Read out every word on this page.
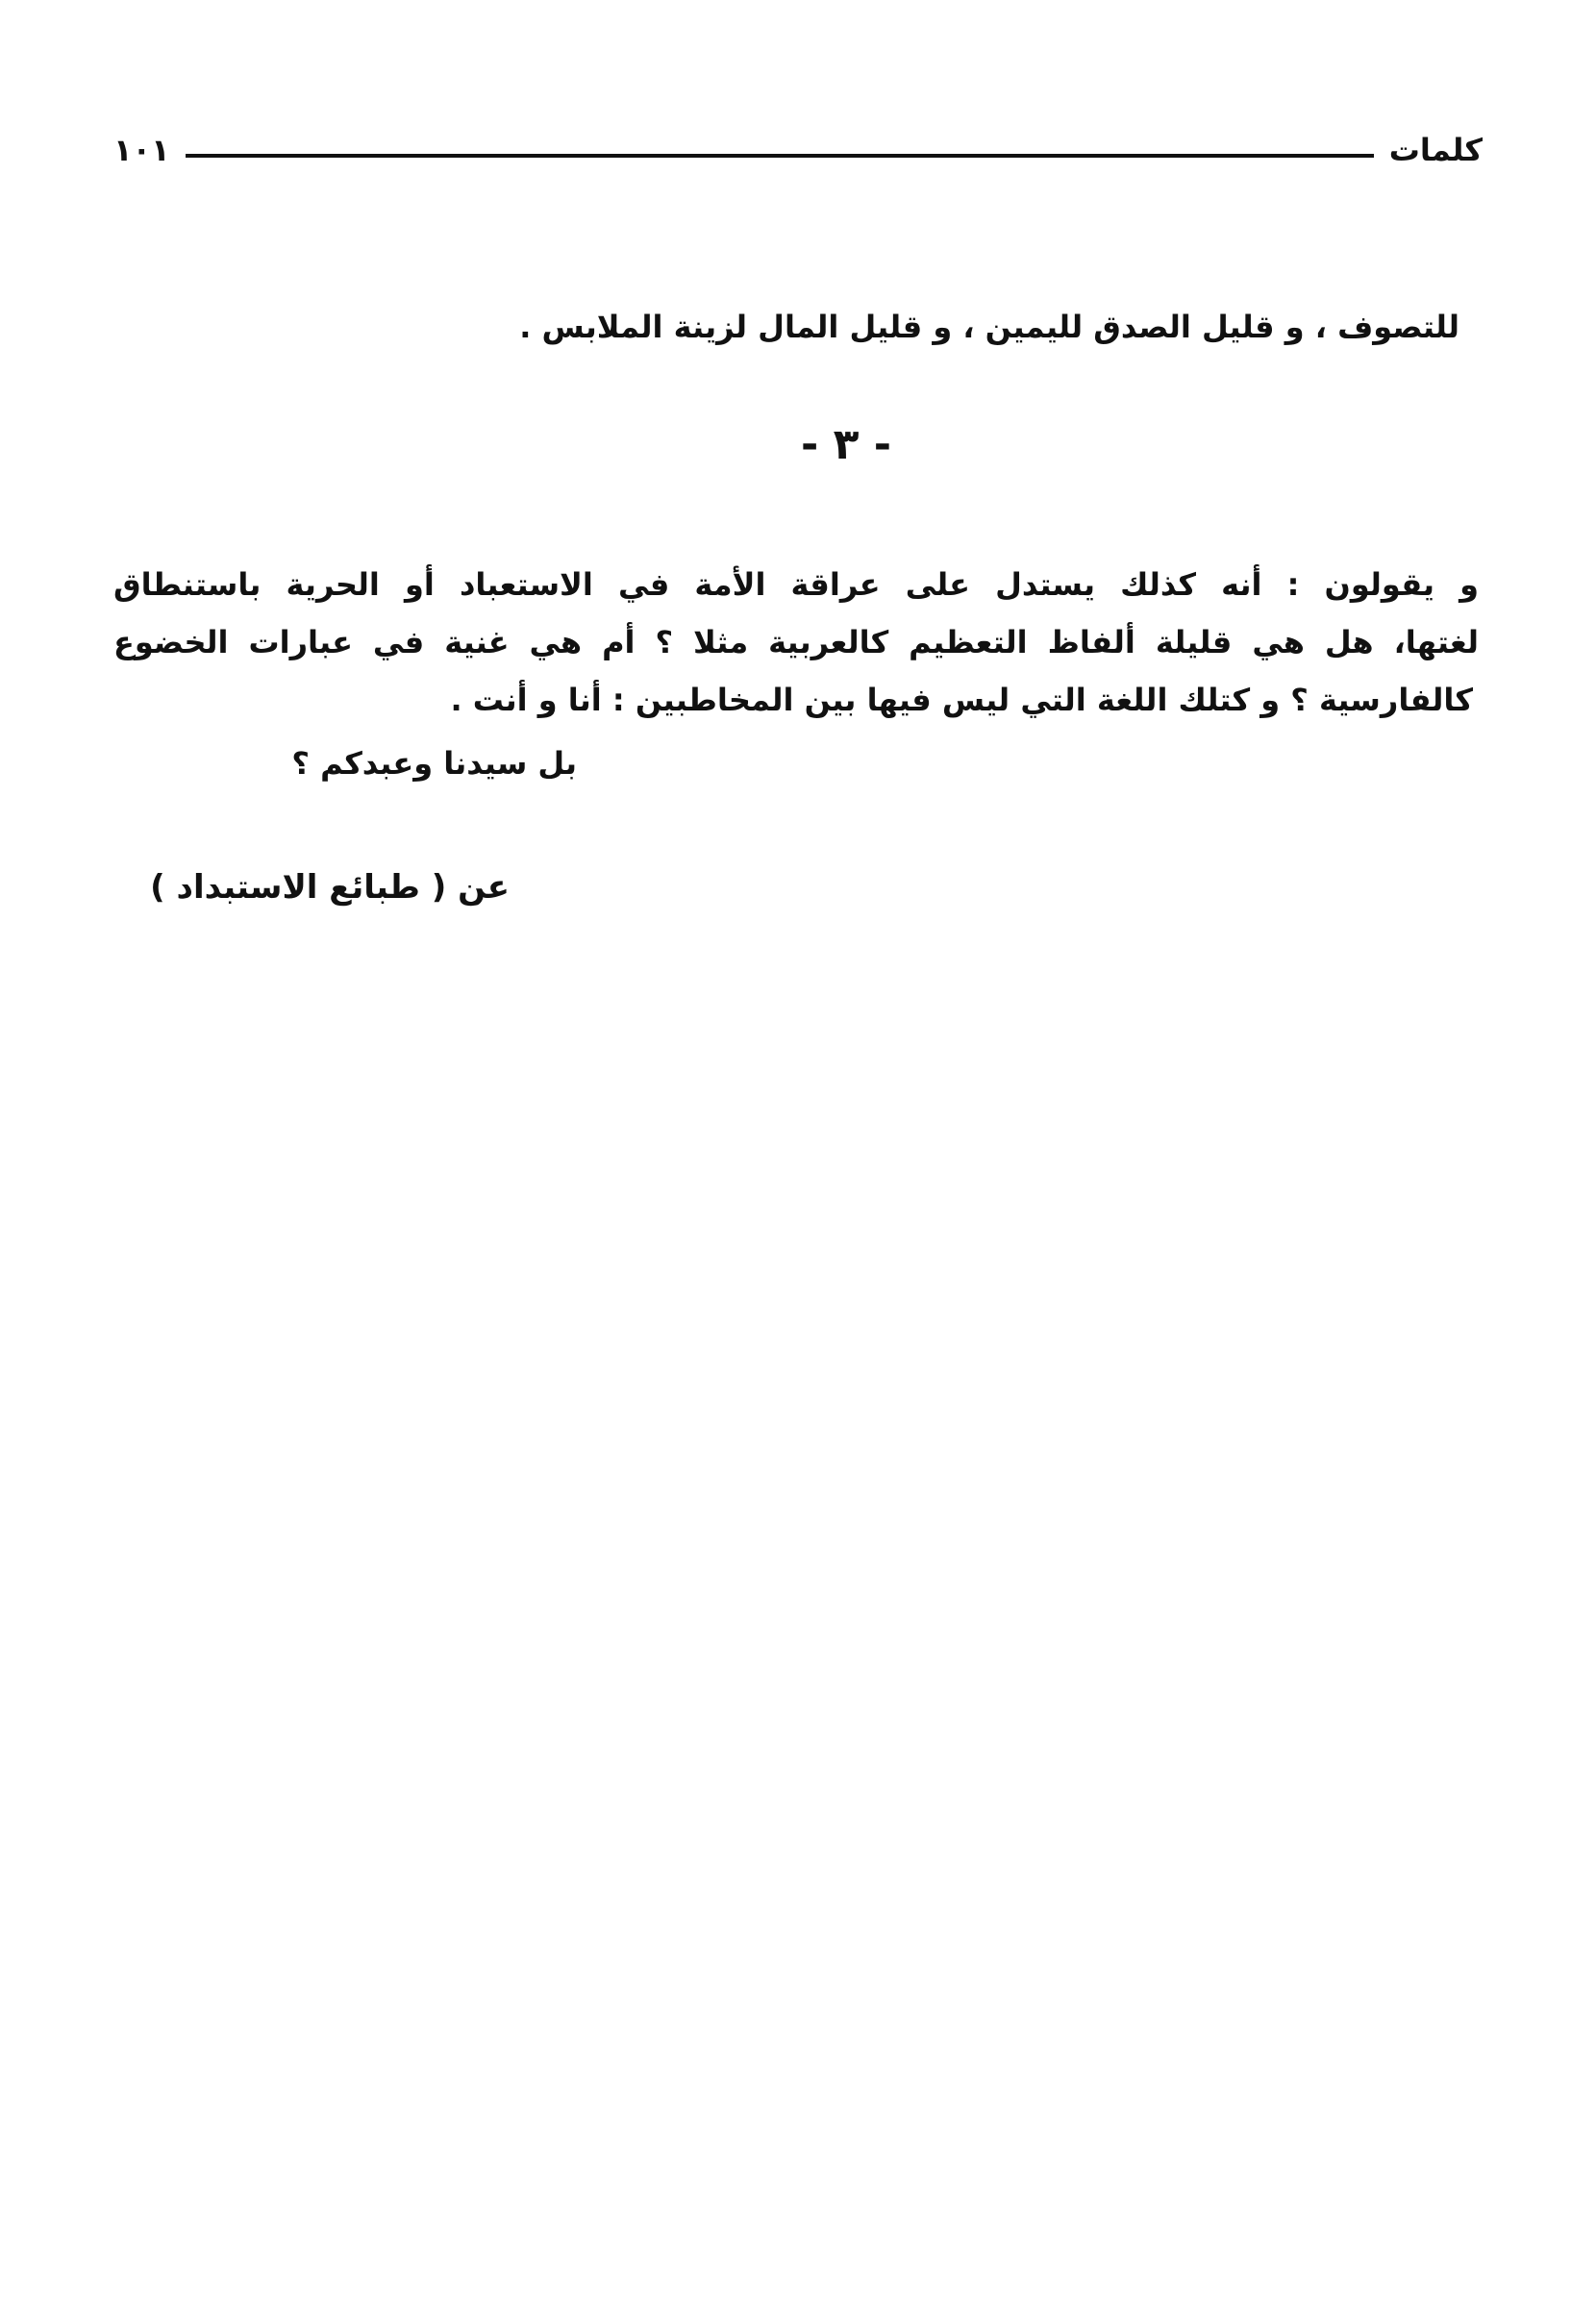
كلمات
١٠١
للتصوف ، و قليل الصدق لليمين ، و قليل المال لزينة الملابس .
- ٣ -
و يقولون : أنه كذلك يستدل على عراقة الأمة في الاستعباد أو الحرية باستنطاق
لغتها، هل هي قليلة ألفاظ التعظيم كالعربية مثلا ؟ أم هي غنية في عبارات الخضوع
كالفارسية ؟ و كتلك اللغة التي ليس فيها بين المخاطبين : أنا و أنت .
بل سيدنا وعبدكم ؟
عن ( طبائع الاستبداد )
